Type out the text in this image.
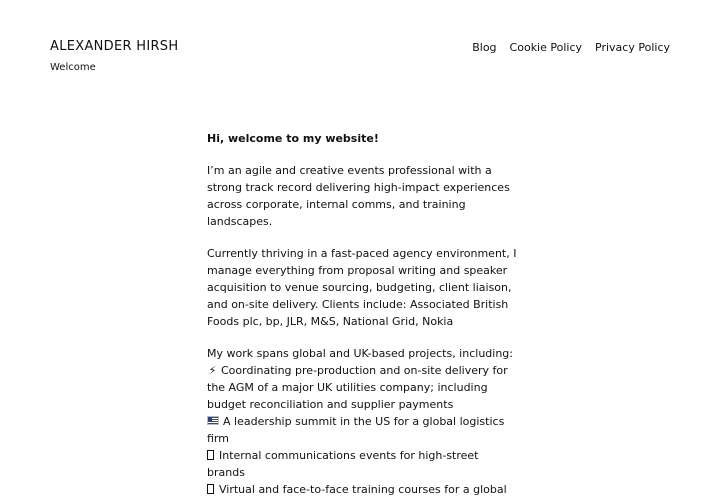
ALEXANDER HIRSH
Welcome
Blog Cookie Policy Privacy Policy

Hi, welcome to my website!

I’m an agile and creative events professional with a strong track record delivering high-impact experiences across corporate, internal comms, and training landscapes.

Currently thriving in a fast-paced agency environment, I manage everything from proposal writing and speaker acquisition to venue sourcing, budgeting, client liaison, and on-site delivery. Clients include: Associated British Foods plc, bp, JLR, M&S, National Grid, Nokia

My work spans global and UK-based projects, including:
⚡ Coordinating pre-production and on-site delivery for the AGM of a major UK utilities company; including budget reconciliation and supplier payments
A leadership summit in the US for a global logistics firm
Internal communications events for high-street brands
Virtual and face-to-face training courses for a global
